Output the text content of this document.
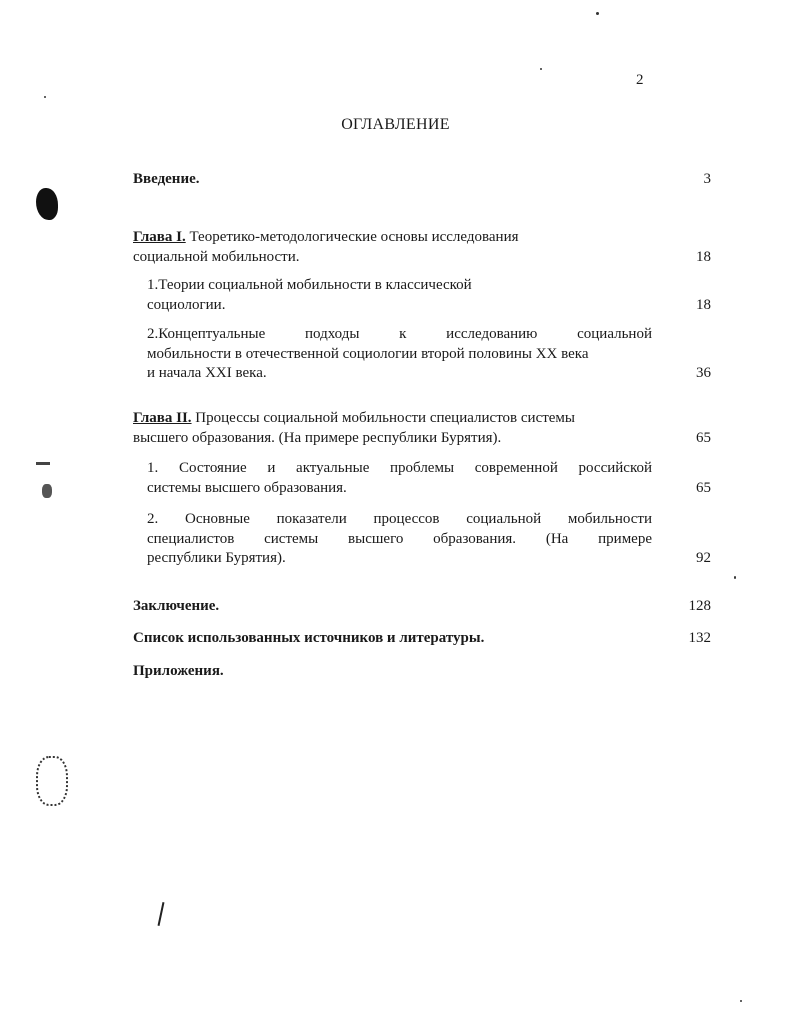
2
ОГЛАВЛЕНИЕ
Введение.	3
Глава I. Теоретико-методологические основы исследования
социальной мобильности.	18
1.Теории социальной мобильности в классической
социологии.	18
2.Концептуальные подходы к исследованию социальной
мобильности в отечественной социологии второй половины XX века
и начала XXI века.	36
Глава II. Процессы социальной мобильности специалистов системы
высшего образования. (На примере республики Бурятия).	65
1. Состояние и актуальные проблемы современной российской
системы высшего образования.	65
2. Основные показатели процессов социальной мобильности
специалистов системы высшего образования. (На примере
республики Бурятия).	92
Заключение.	128
Список использованных источников и литературы.	132
Приложения.
